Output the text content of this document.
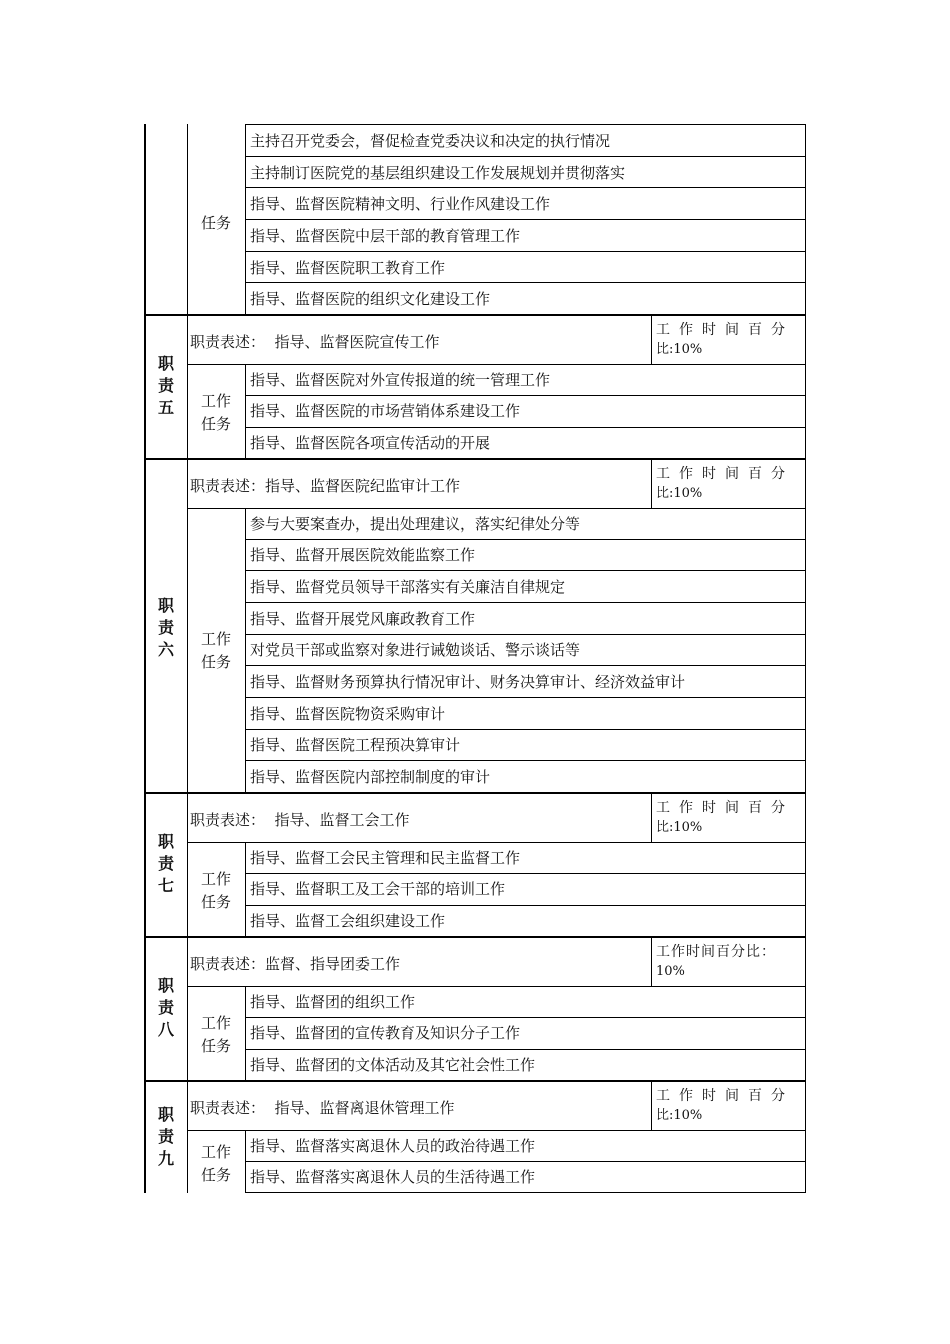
任务
主持召开党委会，督促检查党委决议和决定的执行情况
主持制订医院党的基层组织建设工作发展规划并贯彻落实
指导、监督医院精神文明、行业作风建设工作
指导、监督医院中层干部的教育管理工作
指导、监督医院职工教育工作
指导、监督医院的组织文化建设工作
职
责
五
职责表述：  指导、监督医院宣传工作
工作时间百分
比:10%
工作
任务
指导、监督医院对外宣传报道的统一管理工作
指导、监督医院的市场营销体系建设工作
指导、监督医院各项宣传活动的开展
职
责
六
职责表述：指导、监督医院纪监审计工作
工作时间百分
比:10%
工作
任务
参与大要案查办，提出处理建议，落实纪律处分等
指导、监督开展医院效能监察工作
指导、监督党员领导干部落实有关廉洁自律规定
指导、监督开展党风廉政教育工作
对党员干部或监察对象进行诫勉谈话、警示谈话等
指导、监督财务预算执行情况审计、财务决算审计、经济效益审计
指导、监督医院物资采购审计
指导、监督医院工程预决算审计
指导、监督医院内部控制制度的审计
职
责
七
职责表述：  指导、监督工会工作
工作时间百分
比:10%
工作
任务
指导、监督工会民主管理和民主监督工作
指导、监督职工及工会干部的培训工作
指导、监督工会组织建设工作
职
责
八
职责表述：监督、指导团委工作
工作时间百分比：
10%
工作
任务
指导、监督团的组织工作
指导、监督团的宣传教育及知识分子工作
指导、监督团的文体活动及其它社会性工作
职
责
九
职责表述：  指导、监督离退休管理工作
工作时间百分
比:10%
工作
任务
指导、监督落实离退休人员的政治待遇工作
指导、监督落实离退休人员的生活待遇工作
